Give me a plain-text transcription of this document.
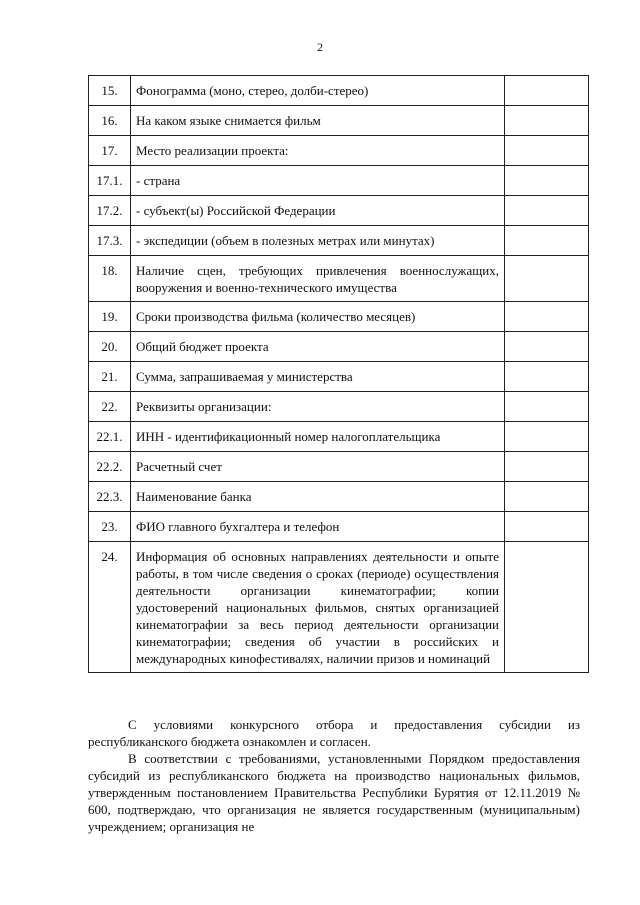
2
15.	Фонограмма (моно, стерео, долби-стерео)	
16.	На каком языке снимается фильм	
17.	Место реализации проекта:	
17.1.	- страна	
17.2.	- субъект(ы) Российской Федерации	
17.3.	- экспедиции (объем в полезных метрах или минутах)	
18.	Наличие сцен, требующих привлечения военнослужащих, вооружения и военно-технического имущества	
19.	Сроки производства фильма (количество месяцев)	
20.	Общий бюджет проекта	
21.	Сумма, запрашиваемая у министерства	
22.	Реквизиты организации:	
22.1.	ИНН - идентификационный номер налогоплательщика	
22.2.	Расчетный счет	
22.3.	Наименование банка	
23.	ФИО главного бухгалтера и телефон	
24.	Информация об основных направлениях деятельности и опыте работы, в том числе сведения о сроках (периоде) осуществления деятельности организации кинематографии; копии удостоверений национальных фильмов, снятых организацией кинематографии за весь период деятельности организации кинематографии; сведения об участии в российских и международных кинофестивалях, наличии призов и номинаций	

С условиями конкурсного отбора и предоставления субсидии из республиканского бюджета ознакомлен и согласен.

В соответствии с требованиями, установленными Порядком предоставления субсидий из республиканского бюджета на производство национальных фильмов, утвержденным постановлением Правительства Республики Бурятия от 12.11.2019 № 600, подтверждаю, что организация не является государственным (муниципальным) учреждением; организация не
